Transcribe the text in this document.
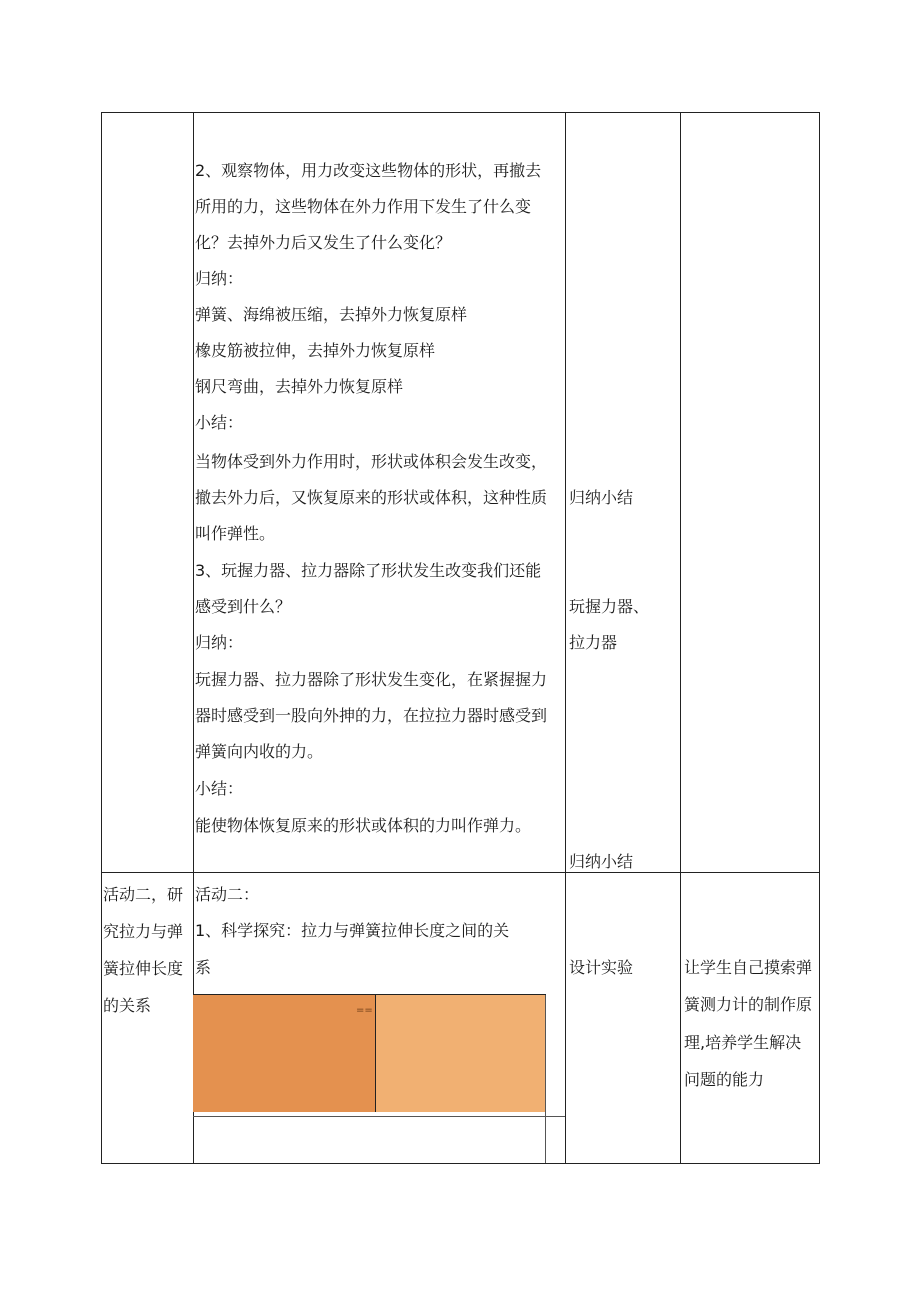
2、观察物体，用力改变这些物体的形状，再撤去
所用的力，这些物体在外力作用下发生了什么变
化？去掉外力后又发生了什么变化？
归纳：
弹簧、海绵被压缩，去掉外力恢复原样
橡皮筋被拉伸，去掉外力恢复原样
钢尺弯曲，去掉外力恢复原样
小结：
当物体受到外力作用时，形状或体积会发生改变，
撤去外力后，又恢复原来的形状或体积，这种性质
叫作弹性。
3、玩握力器、拉力器除了形状发生改变我们还能
感受到什么？
归纳：
玩握力器、拉力器除了形状发生变化，在紧握握力
器时感受到一股向外抻的力，在拉拉力器时感受到
弹簧向内收的力。
小结：
能使物体恢复原来的形状或体积的力叫作弹力。
归纳小结
玩握力器、
拉力器
归纳小结
活动二，研
究拉力与弹
簧拉伸长度
的关系
活动二：
1、科学探究：拉力与弹簧拉伸长度之间的关
系
==
设计实验	让学生自己摸索弹
簧测力计的制作原
理,培养学生解决
问题的能力
